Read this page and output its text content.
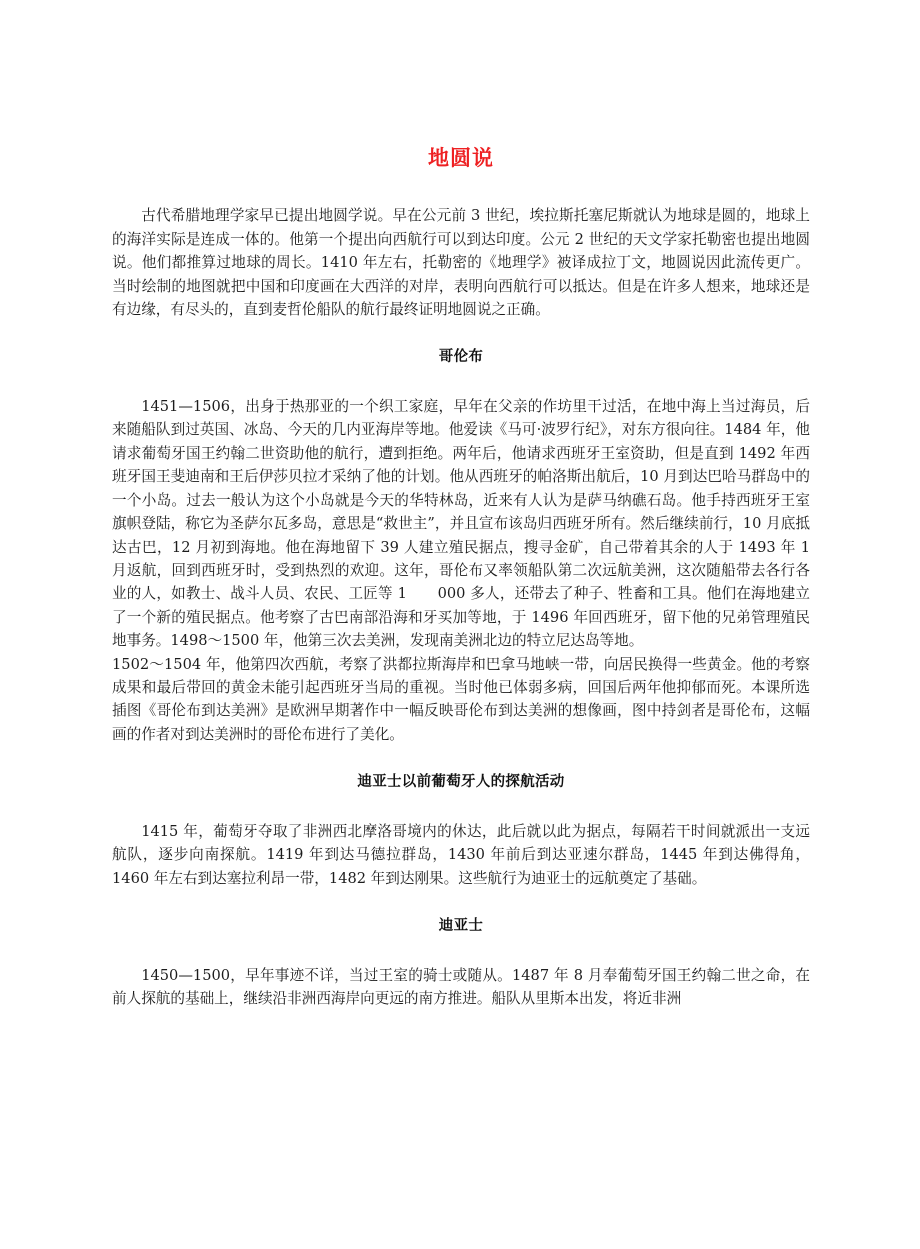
地圆说

古代希腊地理学家早已提出地圆学说。早在公元前 3 世纪，埃拉斯托塞尼斯就认为地球是圆的，地球上的海洋实际是连成一体的。他第一个提出向西航行可以到达印度。公元 2 世纪的天文学家托勒密也提出地圆说。他们都推算过地球的周长。1410 年左右，托勒密的《地理学》被译成拉丁文，地圆说因此流传更广。当时绘制的地图就把中国和印度画在大西洋的对岸，表明向西航行可以抵达。但是在许多人想来，地球还是有边缘，有尽头的，直到麦哲伦船队的航行最终证明地圆说之正确。

哥伦布

1451—1506，出身于热那亚的一个织工家庭，早年在父亲的作坊里干过活，在地中海上当过海员，后来随船队到过英国、冰岛、今天的几内亚海岸等地。他爱读《马可·波罗行纪》，对东方很向往。1484 年，他请求葡萄牙国王约翰二世资助他的航行，遭到拒绝。两年后，他请求西班牙王室资助，但是直到 1492 年西班牙国王斐迪南和王后伊莎贝拉才采纳了他的计划。他从西班牙的帕洛斯出航后，10 月到达巴哈马群岛中的一个小岛。过去一般认为这个小岛就是今天的华特林岛，近来有人认为是萨马纳礁石岛。他手持西班牙王室旗帜登陆，称它为圣萨尔瓦多岛，意思是“救世主”，并且宣布该岛归西班牙所有。然后继续前行，10 月底抵达古巴，12 月初到海地。他在海地留下 39 人建立殖民据点，搜寻金矿，自己带着其余的人于 1493 年 1 月返航，回到西班牙时，受到热烈的欢迎。这年，哥伦布又率领船队第二次远航美洲，这次随船带去各行各业的人，如教士、战斗人员、农民、工匠等 1 000 多人，还带去了种子、牲畜和工具。他们在海地建立了一个新的殖民据点。他考察了古巴南部沿海和牙买加等地，于 1496 年回西班牙，留下他的兄弟管理殖民地事务。1498～1500 年，他第三次去美洲，发现南美洲北边的特立尼达岛等地。

1502～1504 年，他第四次西航，考察了洪都拉斯海岸和巴拿马地峡一带，向居民换得一些黄金。他的考察成果和最后带回的黄金未能引起西班牙当局的重视。当时他已体弱多病，回国后两年他抑郁而死。本课所选插图《哥伦布到达美洲》是欧洲早期著作中一幅反映哥伦布到达美洲的想像画，图中持剑者是哥伦布，这幅画的作者对到达美洲时的哥伦布进行了美化。

迪亚士以前葡萄牙人的探航活动

1415 年，葡萄牙夺取了非洲西北摩洛哥境内的休达，此后就以此为据点，每隔若干时间就派出一支远航队，逐步向南探航。1419 年到达马德拉群岛，1430 年前后到达亚速尔群岛，1445 年到达佛得角，1460 年左右到达塞拉利昂一带，1482 年到达刚果。这些航行为迪亚士的远航奠定了基础。

迪亚士

1450—1500，早年事迹不详，当过王室的骑士或随从。1487 年 8 月奉葡萄牙国王约翰二世之命，在前人探航的基础上，继续沿非洲西海岸向更远的南方推进。船队从里斯本出发，将近非洲
